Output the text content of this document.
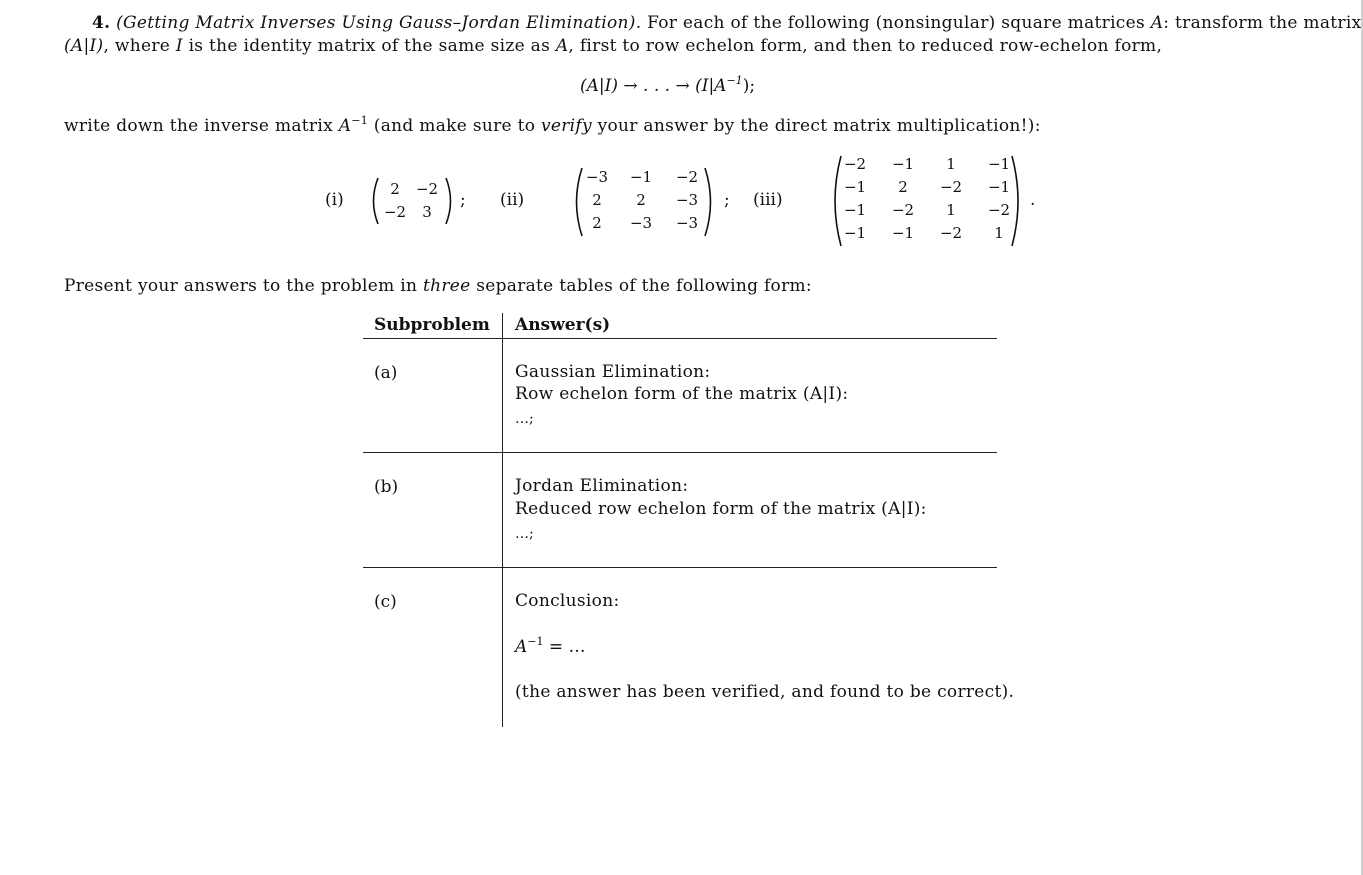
4. (Getting Matrix Inverses Using Gauss–Jordan Elimination). For each of the following (nonsingular) square matrices A: transform the matrix
(A|I), where I is the identity matrix of the same size as A, first to row echelon form, and then to reduced row-echelon form,
(A|I) → . . . → $(I|A^{-1})$;
write down the inverse matrix $A^{-1}$ (and make sure to verify your answer by the direct matrix multiplication!):
(i)
2	−2
−2	3
; (ii)
−3	−1	−2
2	2	−3
2	−3	−3
; (iii)
−2	−1	1	−1
−1	2	−2	−1
−1	−2	1	−2
−1	−1	−2	1
.
Present your answers to the problem in three separate tables of the following form:
Subproblem Answer(s)
(a)	Gaussian Elimination:
Row echelon form of the matrix (A|I):
…;
(b)	Jordan Elimination:
Reduced row echelon form of the matrix (A|I):
…;
(c)	Conclusion:
$A^{-1}$ = …
(the answer has been verified, and found to be correct).
